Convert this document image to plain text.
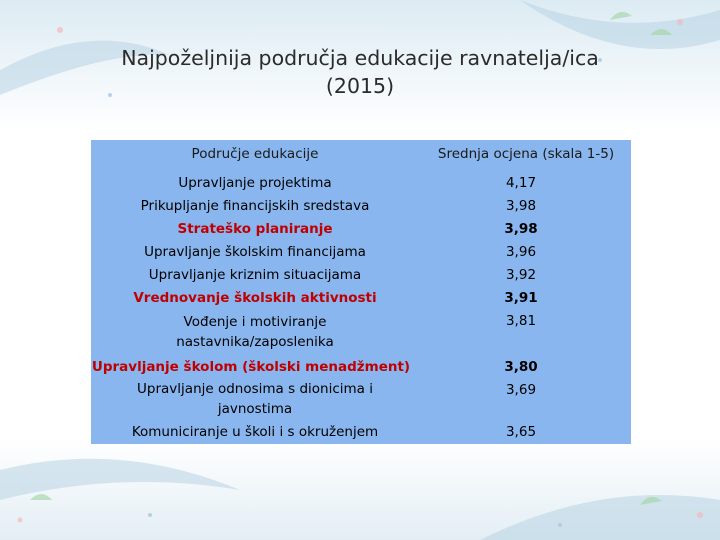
Najpoželjnija područja edukacije ravnatelja/ica
(2015)
Područje edukacije	Srednja ocjena (skala 1-5)
Upravljanje projektima
Prikupljanje financijskih sredstava
Strateško planiranje
Upravljanje školskim financijama
Upravljanje kriznim situacijama
Vrednovanje školskih aktivnosti
Vođenje i motiviranje
nastavnika/zaposlenika
Upravljanje školom (školski menadžment)
Upravljanje odnosima s dionicima i
javnostima
Komuniciranje u školi i s okruženjem
4,17
3,98
3,98
3,96
3,92
3,91
3,81
3,80
3,69
3,65
